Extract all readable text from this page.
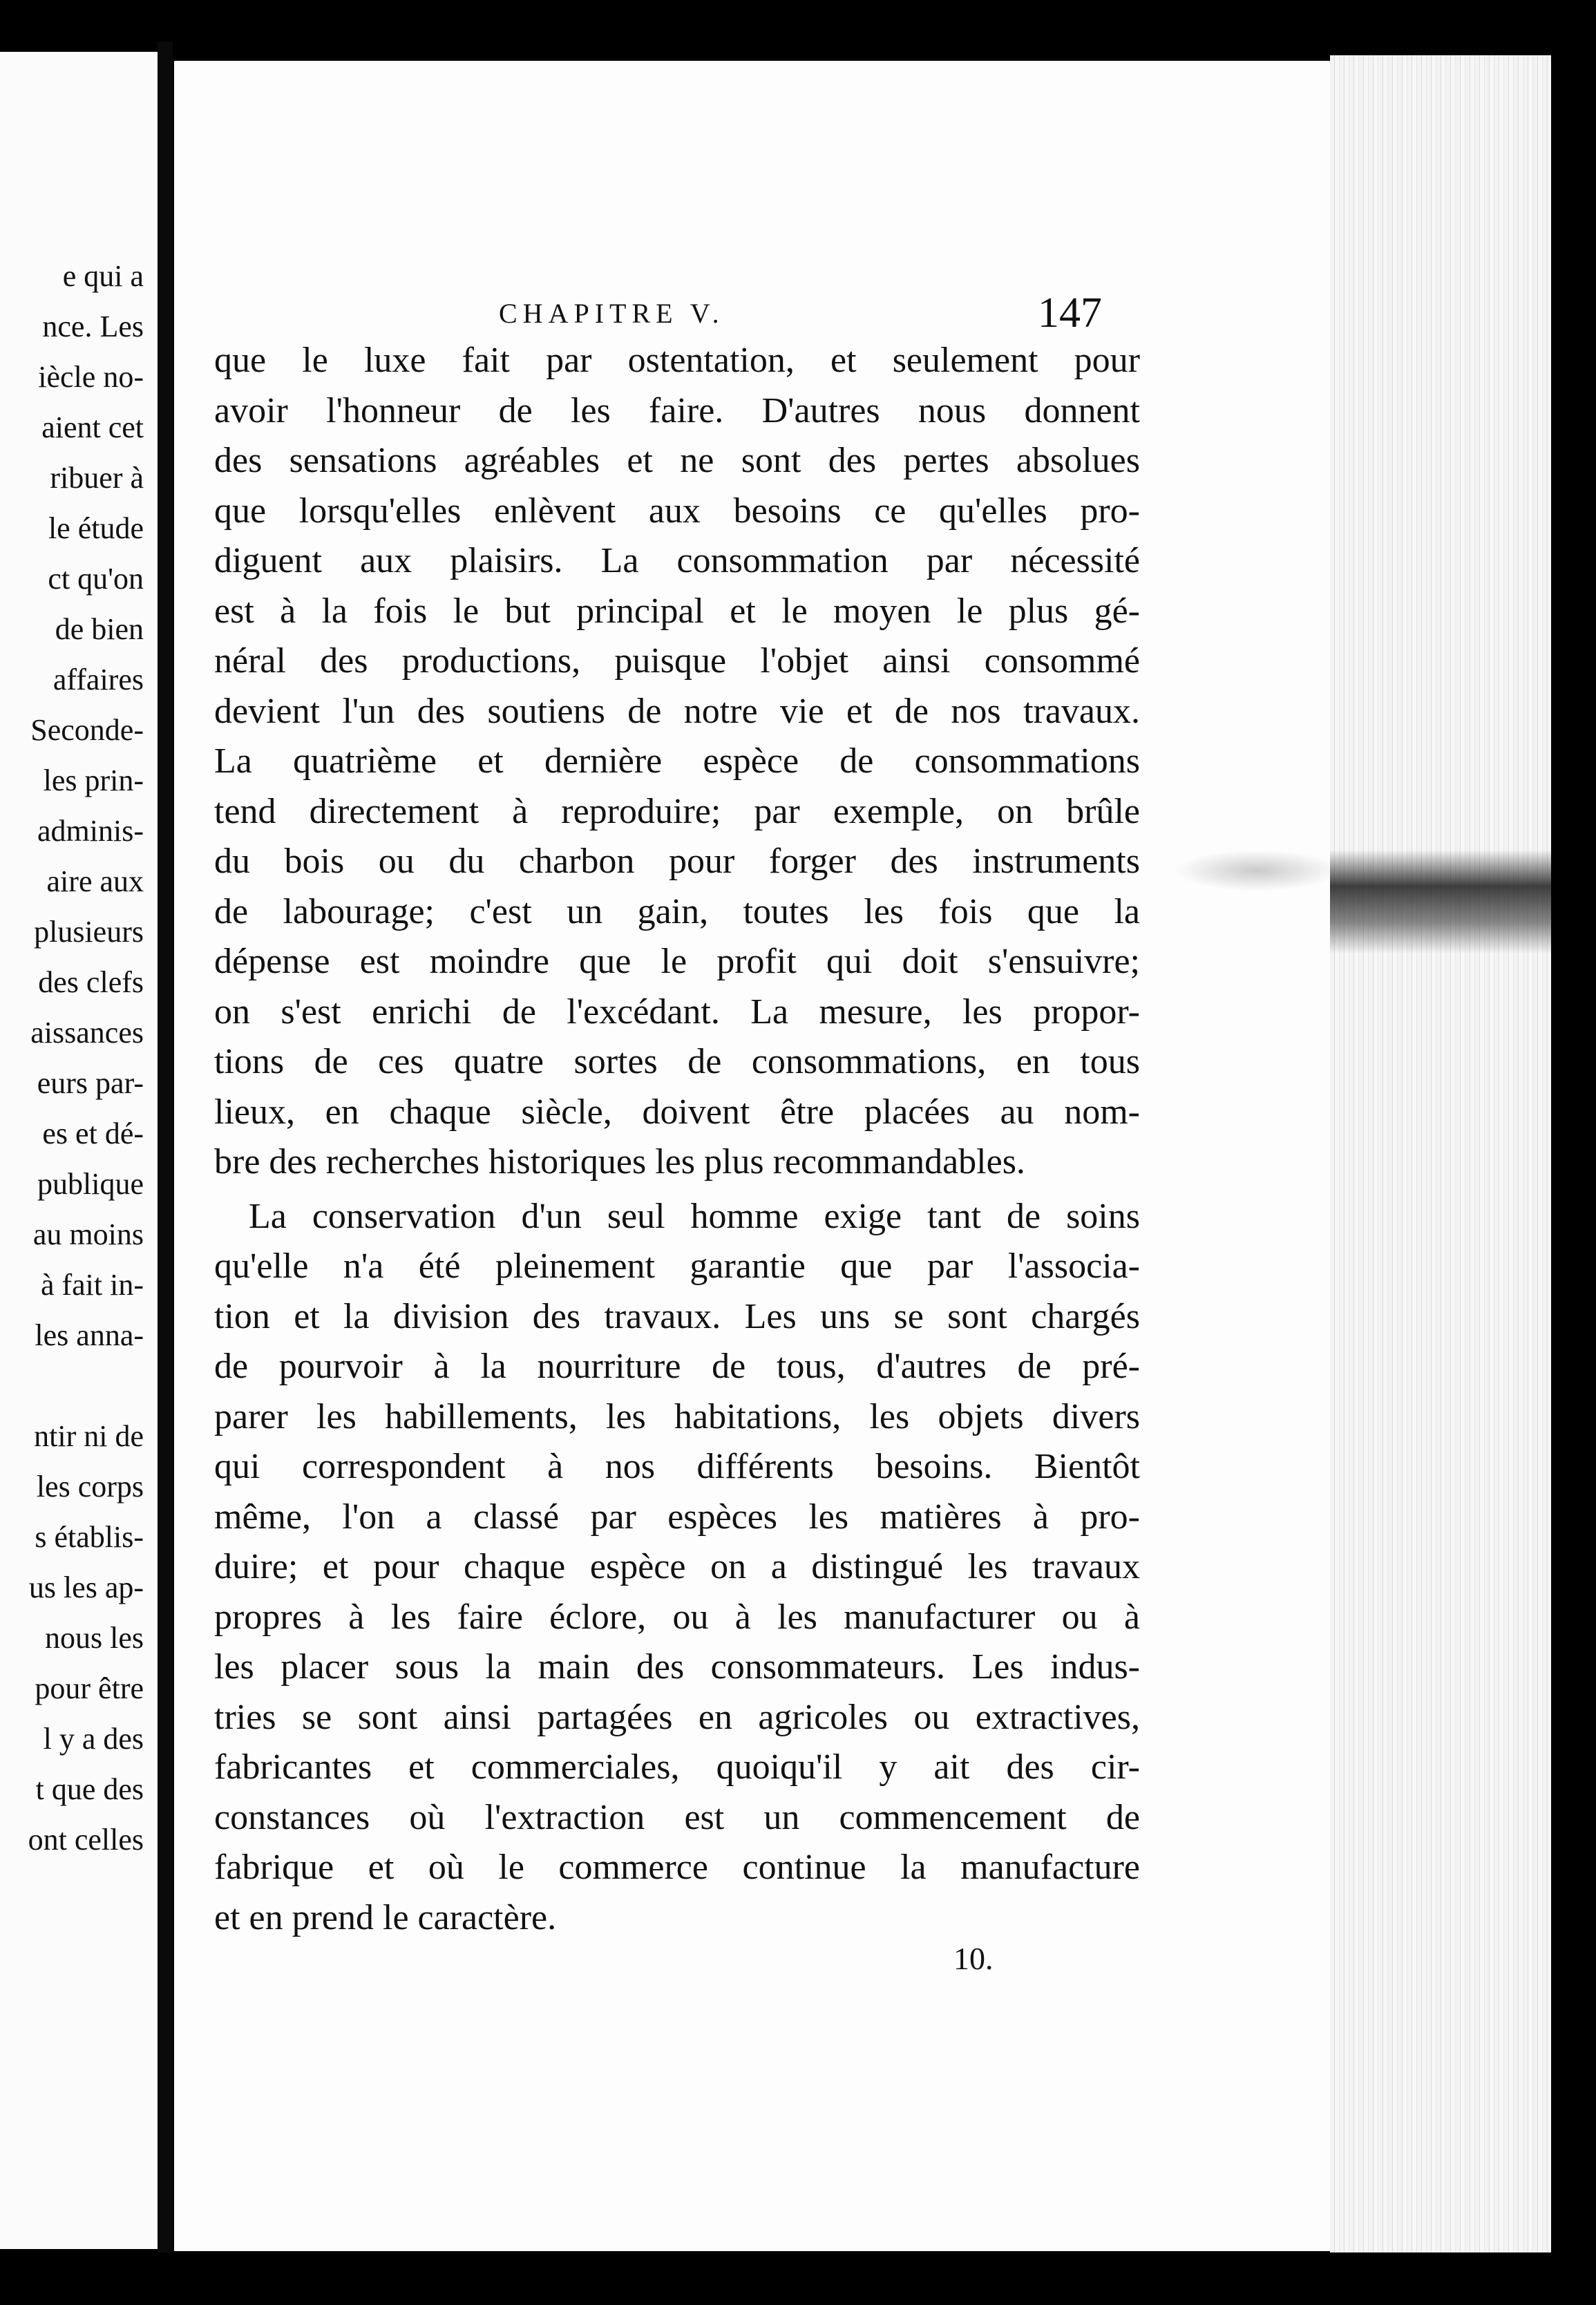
e qui a
nce. Les
iècle no-
aient cet
ribuer à
le étude
ct qu'on
de bien
affaires
Seconde-
les prin-
adminis-
aire aux
plusieurs
des clefs
aissances
eurs par-
es et dé-
publique
au moins
à fait in-
les anna-
ntir ni de
les corps
s établis-
us les ap-
nous les
pour être
l y a des
t que des
ont celles
CHAPITRE V.	147
que le luxe fait par ostentation, et seulement pour
avoir l'honneur de les faire. D'autres nous donnent
des sensations agréables et ne sont des pertes absolues
que lorsqu'elles enlèvent aux besoins ce qu'elles pro-
diguent aux plaisirs. La consommation par nécessité
est à la fois le but principal et le moyen le plus gé-
néral des productions, puisque l'objet ainsi consommé
devient l'un des soutiens de notre vie et de nos travaux.
La quatrième et dernière espèce de consommations
tend directement à reproduire; par exemple, on brûle
du bois ou du charbon pour forger des instruments
de labourage; c'est un gain, toutes les fois que la
dépense est moindre que le profit qui doit s'ensuivre;
on s'est enrichi de l'excédant. La mesure, les propor-
tions de ces quatre sortes de consommations, en tous
lieux, en chaque siècle, doivent être placées au nom-
bre des recherches historiques les plus recommandables.
La conservation d'un seul homme exige tant de soins
qu'elle n'a été pleinement garantie que par l'associa-
tion et la division des travaux. Les uns se sont chargés
de pourvoir à la nourriture de tous, d'autres de pré-
parer les habillements, les habitations, les objets divers
qui correspondent à nos différents besoins. Bientôt
même, l'on a classé par espèces les matières à pro-
duire; et pour chaque espèce on a distingué les travaux
propres à les faire éclore, ou à les manufacturer ou à
les placer sous la main des consommateurs. Les indus-
tries se sont ainsi partagées en agricoles ou extractives,
fabricantes et commerciales, quoiqu'il y ait des cir-
constances où l'extraction est un commencement de
fabrique et où le commerce continue la manufacture
et en prend le caractère.
10.
